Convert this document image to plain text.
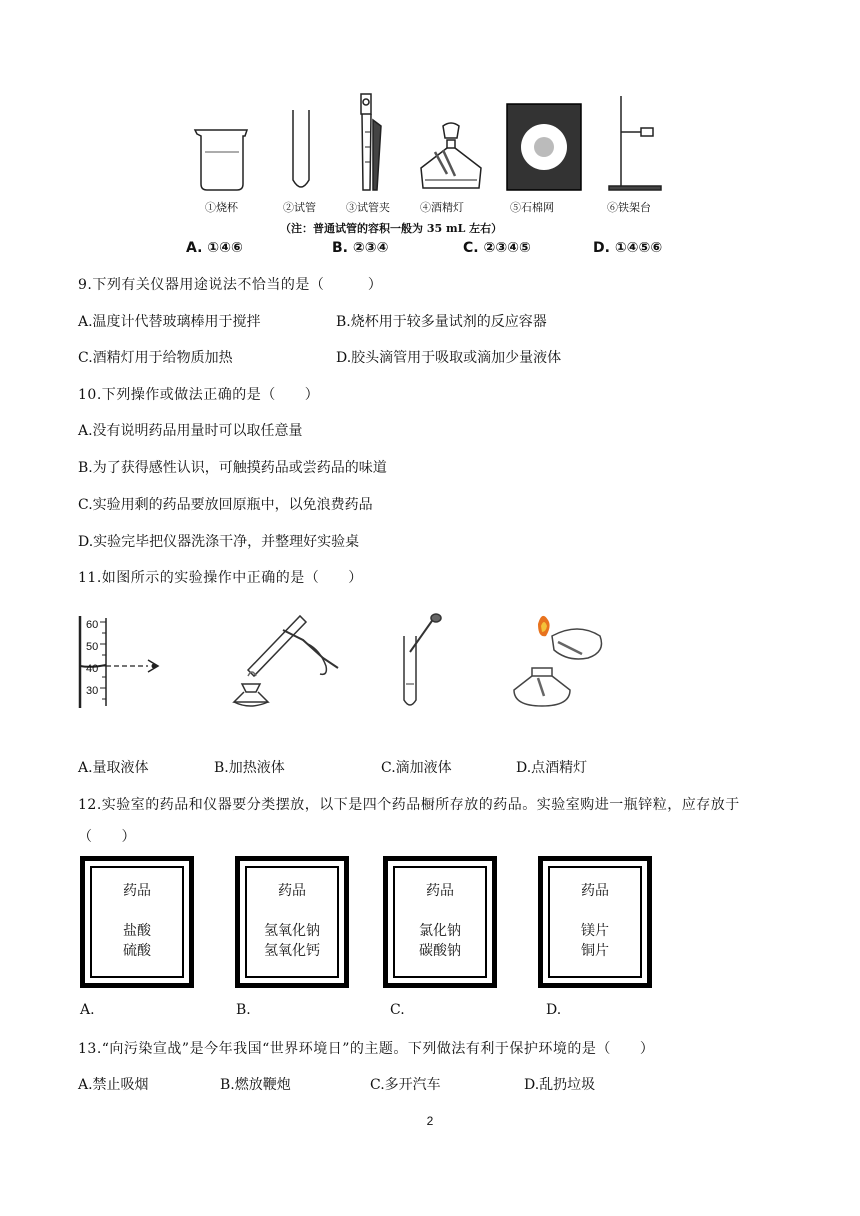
①烧杯	②试管	③试管夹	④酒精灯	⑤石棉网	⑥铁架台
（注：普通试管的容积一般为 35 mL 左右）
A. ①④⑥	B. ②③④	C. ②③④⑤	D. ①④⑤⑥
9.下列有关仪器用途说法不恰当的是（　　　）
A.温度计代替玻璃棒用于搅拌	B.烧杯用于较多量试剂的反应容器
C.酒精灯用于给物质加热	D.胶头滴管用于吸取或滴加少量液体
10.下列操作或做法正确的是（　　）
A.没有说明药品用量时可以取任意量
B.为了获得感性认识，可触摸药品或尝药品的味道
C.实验用剩的药品要放回原瓶中，以免浪费药品
D.实验完毕把仪器洗涤干净，并整理好实验桌
11.如图所示的实验操作中正确的是（　　）
60
50
40
30
A.量取液体	B.加热液体	C.滴加液体	D.点酒精灯
12.实验室的药品和仪器要分类摆放，以下是四个药品橱所存放的药品。实验室购进一瓶锌粒，应存放于
（　　）
药品
盐酸
硫酸
药品
氢氧化钠
氢氧化钙
药品
氯化钠
碳酸钠
药品
镁片
铜片
A.	B.	C.	D.
13.“向污染宣战”是今年我国“世界环境日”的主题。下列做法有利于保护环境的是（　　）
A.禁止吸烟	B.燃放鞭炮	C.多开汽车	D.乱扔垃圾
2
